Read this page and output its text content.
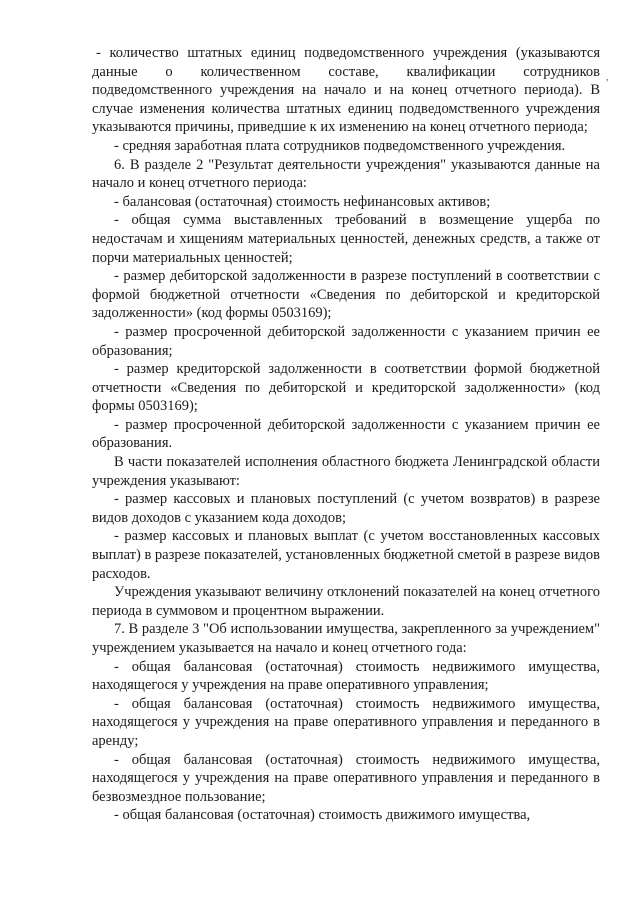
,

- количество штатных единиц подведомственного учреждения (указываются данные о количественном составе, квалификации сотрудников подведомственного учреждения на начало и на конец отчетного периода). В случае изменения количества штатных единиц подведомственного учреждения указываются причины, приведшие к их изменению на конец отчетного периода;

- средняя заработная плата сотрудников подведомственного учреждения.

6. В разделе 2 "Результат деятельности учреждения" указываются данные на начало и конец отчетного периода:

- балансовая (остаточная) стоимость нефинансовых активов;

- общая сумма выставленных требований в возмещение ущерба по недостачам и хищениям материальных ценностей, денежных средств, а также от порчи материальных ценностей;

- размер дебиторской задолженности в разрезе поступлений в соответствии с формой бюджетной отчетности «Сведения по дебиторской и кредиторской задолженности» (код формы 0503169);

- размер просроченной дебиторской задолженности с указанием причин ее образования;

- размер кредиторской задолженности в соответствии формой бюджетной отчетности «Сведения по дебиторской и кредиторской задолженности» (код формы 0503169);

- размер просроченной дебиторской задолженности с указанием причин ее образования.

В части показателей исполнения областного бюджета Ленинградской области учреждения указывают:

- размер кассовых и плановых поступлений (с учетом возвратов) в разрезе видов доходов с указанием кода доходов;

- размер кассовых и плановых выплат (с учетом восстановленных кассовых выплат) в разрезе показателей, установленных бюджетной сметой в разрезе видов расходов.

Учреждения указывают величину отклонений показателей на конец отчетного периода в суммовом и процентном выражении.

7. В разделе 3 "Об использовании имущества, закрепленного за учреждением" учреждением указывается на начало и конец отчетного года:

- общая балансовая (остаточная) стоимость недвижимого имущества, находящегося у учреждения на праве оперативного управления;

- общая балансовая (остаточная) стоимость недвижимого имущества, находящегося у учреждения на праве оперативного управления и переданного в аренду;

- общая балансовая (остаточная) стоимость недвижимого имущества, находящегося у учреждения на праве оперативного управления и переданного в безвозмездное пользование;

- общая балансовая (остаточная) стоимость движимого имущества,
